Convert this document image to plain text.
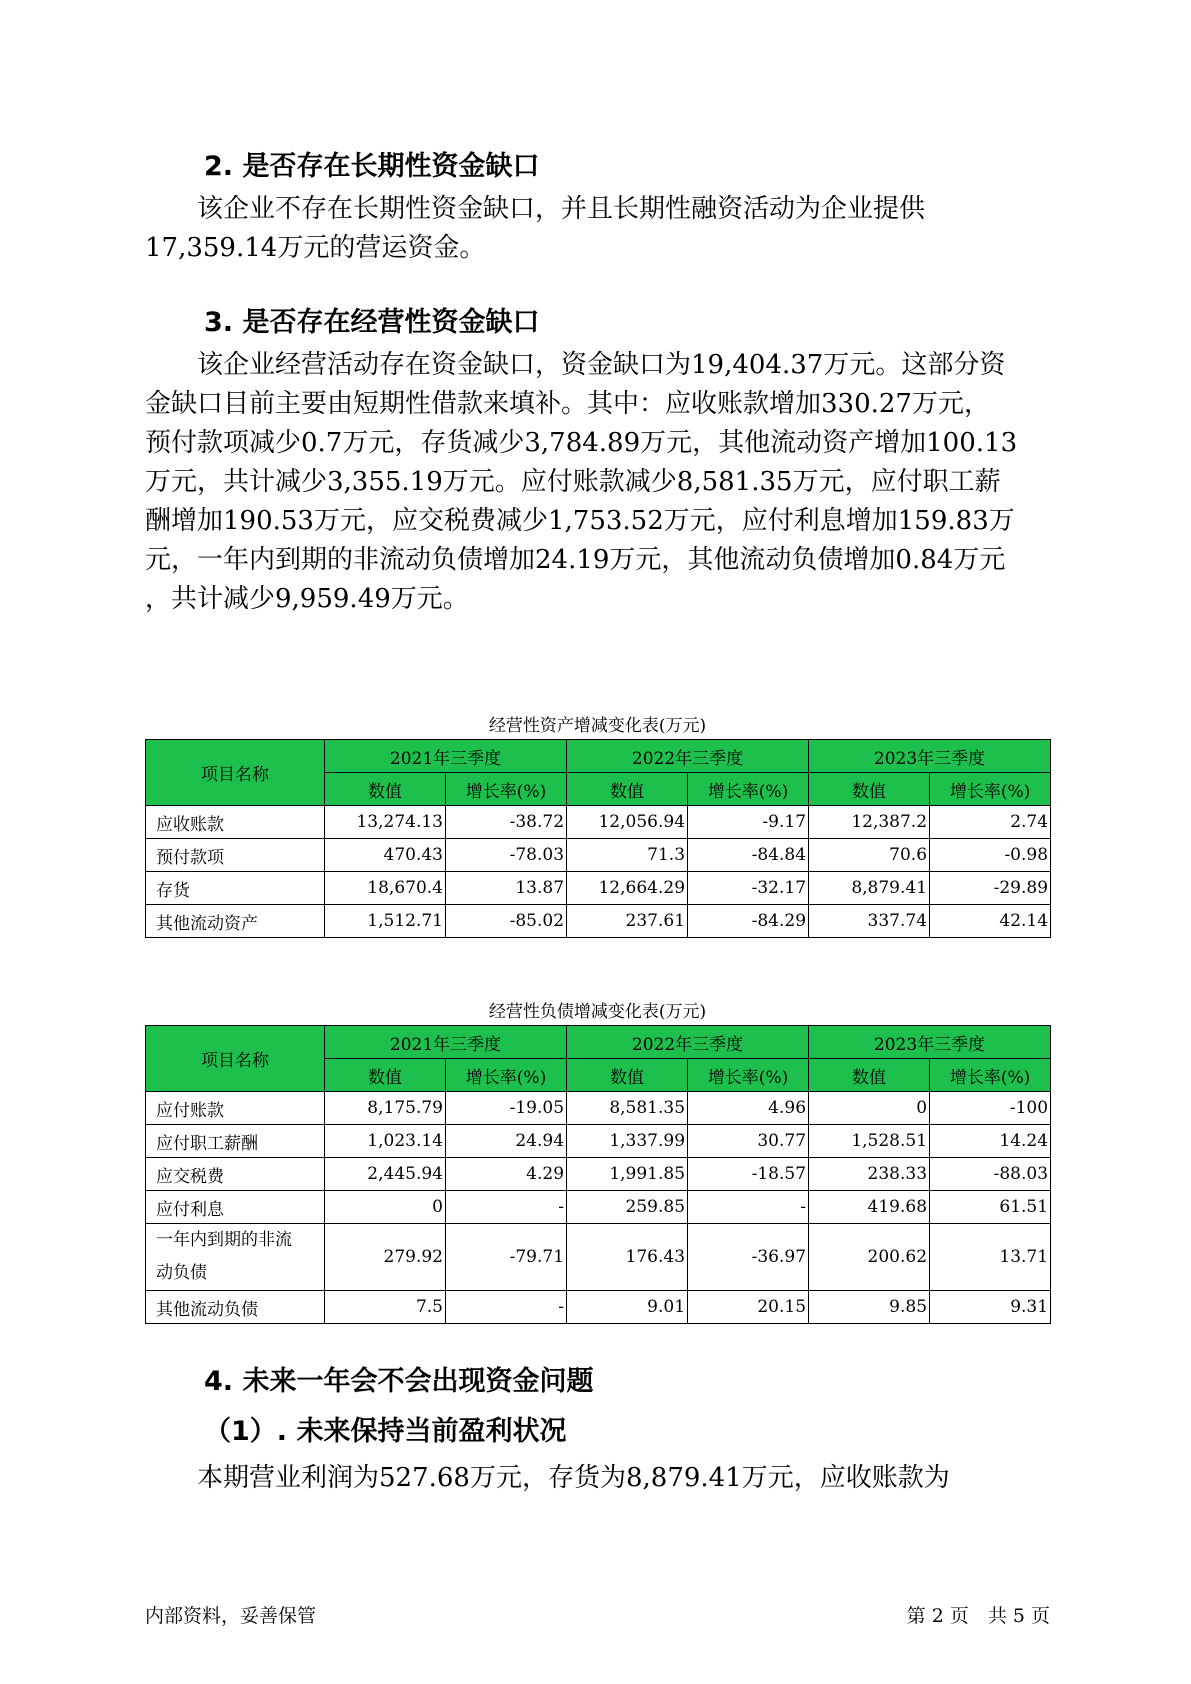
2. 是否存在长期性资金缺口

　　该企业不存在长期性资金缺口，并且长期性融资活动为企业提供

17,359.14万元的营运资金。

3. 是否存在经营性资金缺口

　　该企业经营活动存在资金缺口，资金缺口为19,404.37万元。这部分资

金缺口目前主要由短期性借款来填补。其中：应收账款增加330.27万元，

预付款项减少0.7万元，存货减少3,784.89万元，其他流动资产增加100.13

万元，共计减少3,355.19万元。应付账款减少8,581.35万元，应付职工薪

酬增加190.53万元，应交税费减少1,753.52万元，应付利息增加159.83万

元，一年内到期的非流动负债增加24.19万元，其他流动负债增加0.84万元

，共计减少9,959.49万元。

经营性资产增减变化表(万元)
项目名称	2021年三季度		2022年三季度		2023年三季度	
	数值	增长率(%)	数值	增长率(%)	数值	增长率(%)
应收账款	13,274.13	-38.72	12,056.94	-9.17	12,387.2	2.74
预付款项	470.43	-78.03	71.3	-84.84	70.6	-0.98
存货	18,670.4	13.87	12,664.29	-32.17	8,879.41	-29.89
其他流动资产	1,512.71	-85.02	237.61	-84.29	337.74	42.14
经营性负债增减变化表(万元)
项目名称	2021年三季度		2022年三季度		2023年三季度	
	数值	增长率(%)	数值	增长率(%)	数值	增长率(%)
应付账款	8,175.79	-19.05	8,581.35	4.96	0	-100
应付职工薪酬	1,023.14	24.94	1,337.99	30.77	1,528.51	14.24
应交税费	2,445.94	4.29	1,991.85	-18.57	238.33	-88.03
应付利息	0	-	259.85	-	419.68	61.51
一年内到期的非流
动负债	279.92	-79.71	176.43	-36.97	200.62	13.71
其他流动负债	7.5	-	9.01	20.15	9.85	9.31
4. 未来一年会不会出现资金问题
（1）. 未来保持当前盈利状况

　　本期营业利润为527.68万元，存货为8,879.41万元，应收账款为

内部资料，妥善保管	第 2 页　共 5 页
